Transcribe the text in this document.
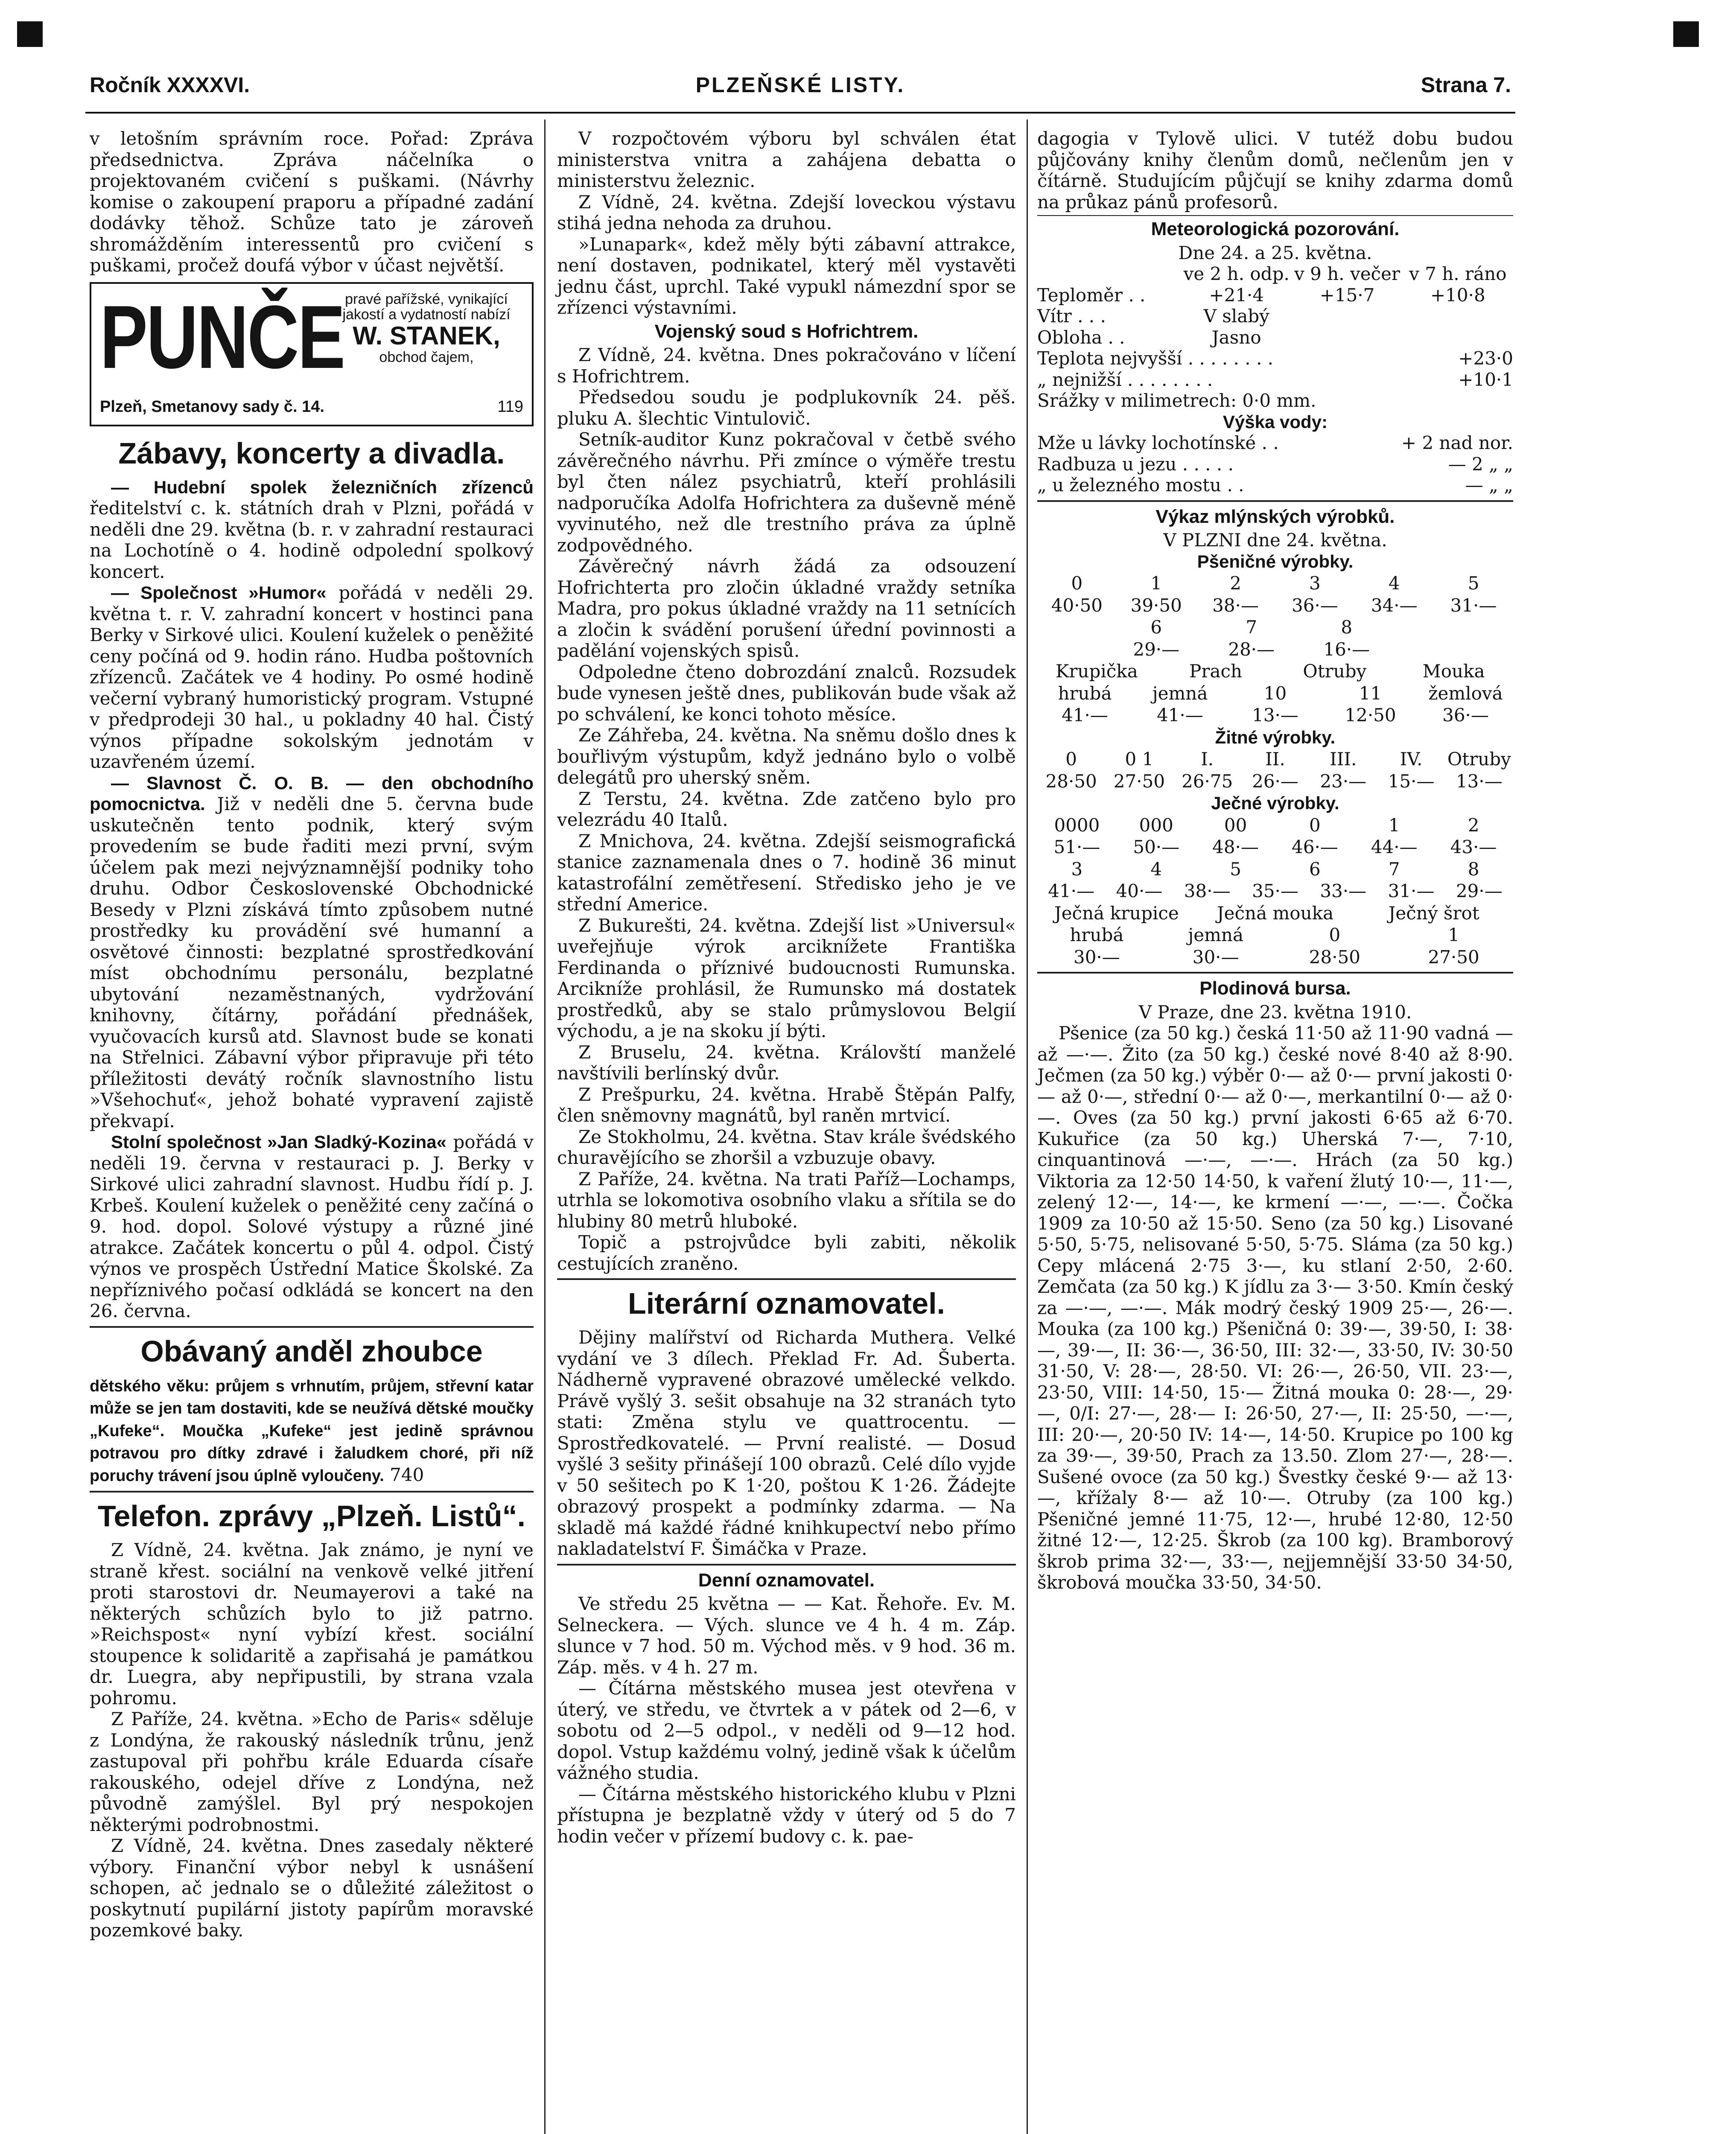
Ročník XXXXVI.	PLZEŇSKÉ LISTY.	Strana 7.

v letošním správním roce. Pořad: Zpráva předsednictva. Zpráva náčelníka o projektovaném cvičení s puškami. (Návrhy komise o zakoupení praporu a případné zadání dodávky těhož. Schůze tato je zároveň shromážděním interessentů pro cvičení s puškami, pročež doufá výbor v účast největší.

PUNČE pravé pařížské, vynikající jakostí a vydatností nabízí
W. STANEK,
obchod čajem,
Plzeň, Smetanovy sady č. 14.	119
Zábavy, koncerty a divadla.

— Hudební spolek železničních zřízenců ředitelství c. k. státních drah v Plzni, pořádá v neděli dne 29. května (b. r. v zahradní restauraci na Lochotíně o 4. hodině odpolední spolkový koncert.

— Společnost »Humor« pořádá v neděli 29. května t. r. V. zahradní koncert v hostinci pana Berky v Sirkové ulici. Koulení kuželek o peněžité ceny počíná od 9. hodin ráno. Hudba poštovních zřízenců. Začátek ve 4 hodiny. Po osmé hodině večerní vybraný humoristický program. Vstupné v předprodeji 30 hal., u pokladny 40 hal. Čistý výnos případne sokolským jednotám v uzavřeném území.

— Slavnost Č. O. B. — den obchodního pomocnictva. Již v neděli dne 5. června bude uskutečněn tento podnik, který svým provedením se bude řaditi mezi první, svým účelem pak mezi nejvýznamnější podniky toho druhu. Odbor Československé Obchodnické Besedy v Plzni získává tímto způsobem nutné prostředky ku provádění své humanní a osvětové činnosti: bezplatné sprostředkování míst obchodnímu personálu, bezplatné ubytování nezaměstnaných, vydržování knihovny, čítárny, pořádání přednášek, vyučovacích kursů atd. Slavnost bude se konati na Střelnici. Zábavní výbor připravuje při této příležitosti devátý ročník slavnostního listu »Všehochuť«, jehož bohaté vypravení zajistě překvapí.

Stolní společnost »Jan Sladký-Kozina« pořádá v neděli 19. června v restauraci p. J. Berky v Sirkové ulici zahradní slavnost. Hudbu řídí p. J. Krbeš. Koulení kuželek o peněžité ceny začíná o 9. hod. dopol. Solové výstupy a různé jiné atrakce. Začátek koncertu o půl 4. odpol. Čistý výnos ve prospěch Ústřední Matice Školské. Za nepříznivého počasí odkládá se koncert na den 26. června.

Obávaný anděl zhoubce

dětského věku: průjem s vrhnutím, průjem, střevní katar může se jen tam dostaviti, kde se neužívá dětské moučky „Kufeke“. Moučka „Kufeke“ jest jedině správnou potravou pro dítky zdravé i žaludkem choré, při níž poruchy trávení jsou úplně vyloučeny. 740

Telefon. zprávy „Plzeň. Listů“.

Z Vídně, 24. května. Jak známo, je nyní ve straně křest. sociální na venkově velké jitření proti starostovi dr. Neumayerovi a také na některých schůzích bylo to již patrno. »Reichspost« nyní vybízí křest. sociální stoupence k solidaritě a zapřisahá je památkou dr. Luegra, aby nepřipustili, by strana vzala pohromu.

Z Paříže, 24. května. »Echo de Paris« sděluje z Londýna, že rakouský následník trůnu, jenž zastupoval při pohřbu krále Eduarda císaře rakouského, odejel dříve z Londýna, než původně zamýšlel. Byl prý nespokojen některými podrobnostmi.

Z Vídně, 24. května. Dnes zasedaly některé výbory. Finanční výbor nebyl k usnášení schopen, ač jednalo se o důležité záležitost o poskytnutí pupilární jistoty papírům moravské pozemkové baky.

V rozpočtovém výboru byl schválen état ministerstva vnitra a zahájena debatta o ministerstvu železnic.

Z Vídně, 24. května. Zdejší loveckou výstavu stihá jedna nehoda za druhou.

»Lunapark«, kdež měly býti zábavní attrakce, není dostaven, podnikatel, který měl vystavěti jednu část, uprchl. Také vypukl námezdní spor se zřízenci výstavními.

Vojenský soud s Hofrichtrem.

Z Vídně, 24. května. Dnes pokračováno v líčení s Hofrichtrem.

Předsedou soudu je podplukovník 24. pěš. pluku A. šlechtic Vintulovič.

Setník-auditor Kunz pokračoval v četbě svého závěrečného návrhu. Při zmínce o výměře trestu byl čten nález psychiatrů, kteří prohlásili nadporučíka Adolfa Hofrichtera za duševně méně vyvinutého, než dle trestního práva za úplně zodpovědného.

Závěrečný návrh žádá za odsouzení Hofrichterta pro zločin úkladné vraždy setníka Madra, pro pokus úkladné vraždy na 11 setnících a zločin k svádění porušení úřední povinnosti a padělání vojenských spisů.

Odpoledne čteno dobrozdání znalců. Rozsudek bude vynesen ještě dnes, publikován bude však až po schválení, ke konci tohoto měsíce.

Ze Záhřeba, 24. května. Na sněmu došlo dnes k bouřlivým výstupům, když jednáno bylo o volbě delegátů pro uherský sněm.

Z Terstu, 24. května. Zde zatčeno bylo pro velezrádu 40 Italů.

Z Mnichova, 24. května. Zdejší seismografická stanice zaznamenala dnes o 7. hodině 36 minut katastrofální zemětřesení. Středisko jeho je ve střední Americe.

Z Bukurešti, 24. května. Zdejší list »Universul« uveřejňuje výrok arciknížete Františka Ferdinanda o příznivé budoucnosti Rumunska. Arcikníže prohlásil, že Rumunsko má dostatek prostředků, aby se stalo průmyslovou Belgií východu, a je na skoku jí býti.

Z Bruselu, 24. května. Královští manželé navštívili berlínský dvůr.

Z Prešpurku, 24. května. Hrabě Štěpán Palfy, člen sněmovny magnátů, byl raněn mrtvicí.

Ze Stokholmu, 24. května. Stav krále švédského churavějícího se zhoršil a vzbuzuje obavy.

Z Paříže, 24. května. Na trati Paříž—Lochamps, utrhla se lokomotiva osobního vlaku a sřítila se do hlubiny 80 metrů hluboké.

Topič a pstrojvůdce byli zabiti, několik cestujících zraněno.

Literární oznamovatel.

Dějiny malířství od Richarda Muthera. Velké vydání ve 3 dílech. Překlad Fr. Ad. Šuberta. Nádherně vypravené obrazové umělecké velkdo. Právě vyšlý 3. sešit obsahuje na 32 stranách tyto stati: Změna stylu ve quattrocentu. — Sprostředkovatelé. — První realisté. — Dosud vyšlé 3 sešity přinášejí 100 obrazů. Celé dílo vyjde v 50 sešitech po K 1·20, poštou K 1·26. Žádejte obrazový prospekt a podmínky zdarma. — Na skladě má každé řádné knihkupectví nebo přímo nakladatelství F. Šimáčka v Praze.

Denní oznamovatel.

Ve středu 25 května — — Kat. Řehoře. Ev. M. Selneckera. — Vých. slunce ve 4 h. 4 m. Záp. slunce v 7 hod. 50 m. Východ měs. v 9 hod. 36 m. Záp. měs. v 4 h. 27 m.

— Čítárna městského musea jest otevřena v úterý, ve středu, ve čtvrtek a v pátek od 2—6, v sobotu od 2—5 odpol., v neděli od 9—12 hod. dopol. Vstup každému volný, jedině však k účelům vážného studia.

— Čítárna městského historického klubu v Plzni přístupna je bezplatně vždy v úterý od 5 do 7 hodin večer v přízemí budovy c. k. pae-

dagogia v Tylově ulici. V tutéž dobu budou půjčovány knihy členům domů, nečlenům jen v čítárně. Studujícím půjčují se knihy zdarma domů na průkaz pánů profesorů.

Meteorologická pozorování.

Dne 24. a 25. května.

ve 2 h. odp. v 9 h. večer v 7 h. ráno
Teploměr . .	+21·4	+15·7	+10·8
Vítr . . .	V slabý
Obloha . .	Jasno
Teplota nejvyšší . . . . . . . .	+23·0
„ nejnižší . . . . . . . .	+10·1

Srážky v milimetrech: 0·0 mm.

Výška vody:

Mže u lávky lochotínské . .	+ 2 nad nor.
Radbuza u jezu . . . . .	— 2 „ „
„ u železného mostu . .	— „ „
Výkaz mlýnských výrobků.

V PLZNI dne 24. května.

Pšeničné výrobky.

0	1	2	3	4	5
40·50	39·50	38·—	36·—	34·—	31·—
6	7	8
29·—	28·—	16·—
Krupička	Prach	Otruby	Mouka
hrubá	jemná	10	11	žemlová
41·—	41·—	13·—	12·50	36·—

Žitné výrobky.

0	0 1	I.	II.	III.	IV.	Otruby
28·50 27·50 26·75	26·—	23·—	15·—	13·—

Ječné výrobky.

0000	000	00	0	1	2
51·—	50·—	48·—	46·—	44·—	43·—
3	4	5	6	7	8
41·—	40·—	38·—	35·—	33·—	31·—	29·—
Ječná krupice	Ječná mouka	Ječný šrot
hrubá	jemná	0	1
30·—	30·—	28·50	27·50
Plodinová bursa.

V Praze, dne 23. května 1910.

Pšenice (za 50 kg.) česká 11·50 až 11·90 vadná — až —·—. Žito (za 50 kg.) české nové 8·40 až 8·90. Ječmen (za 50 kg.) výběr 0·— až 0·— první jakosti 0·— až 0·—, střední 0·— až 0·—, merkantilní 0·— až 0·—. Oves (za 50 kg.) první jakosti 6·65 až 6·70. Kukuřice (za 50 kg.) Uherská 7·—, 7·10, cinquantinová —·—, —·—. Hrách (za 50 kg.) Viktoria za 12·50 14·50, k vaření žlutý 10·—, 11·—, zelený 12·—, 14·—, ke krmení —·—, —·—. Čočka 1909 za 10·50 až 15·50. Seno (za 50 kg.) Lisované 5·50, 5·75, nelisované 5·50, 5·75. Sláma (za 50 kg.) Cepy mlácená 2·75 3·—, ku stlaní 2·50, 2·60. Zemčata (za 50 kg.) K jídlu za 3·— 3·50. Kmín český za —·—, —·—. Mák modrý český 1909 25·—, 26·—. Mouka (za 100 kg.) Pšeničná 0: 39·—, 39·50, I: 38·—, 39·—, II: 36·—, 36·50, III: 32·—, 33·50, IV: 30·50 31·50, V: 28·—, 28·50. VI: 26·—, 26·50, VII. 23·—, 23·50, VIII: 14·50, 15·— Žitná mouka 0: 28·—, 29·—, 0/I: 27·—, 28·— I: 26·50, 27·—, II: 25·50, —·—, III: 20·—, 20·50 IV: 14·—, 14·50. Krupice po 100 kg za 39·—, 39·50, Prach za 13.50. Zlom 27·—, 28·—. Sušené ovoce (za 50 kg.) Švestky české 9·— až 13·—, křížaly 8·— až 10·—. Otruby (za 100 kg.) Pšeničné jemné 11·75, 12·—, hrubé 12·80, 12·50 žitné 12·—, 12·25. Škrob (za 100 kg). Bramborový škrob prima 32·—, 33·—, nejjemnější 33·50 34·50, škrobová moučka 33·50, 34·50.
